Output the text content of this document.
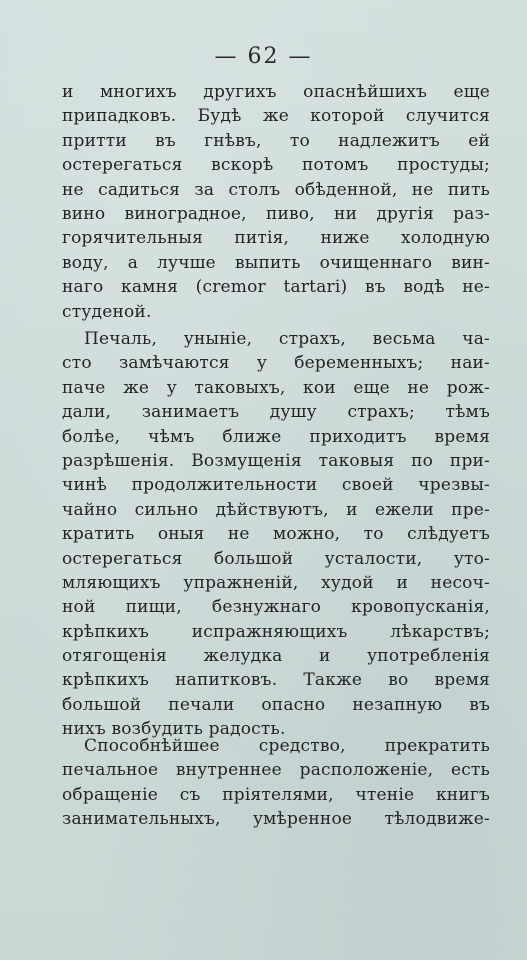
— 62 —
и многихъ другихъ опаснѣйшихъ еще
припадковъ. Будѣ же которой случится
притти въ гнѣвъ, то надлежитъ ей
остерегаться вскорѣ потомъ простуды;
не садиться за столъ обѣденной, не пить
вино виноградное, пиво, ни другія раз-
горячительныя питія, ниже холодную
воду, а лучше выпить очищеннаго вин-
наго камня (cremor tartari) въ водѣ не-
студеной.
Печаль, уныніе, страхъ, весьма ча-
сто замѣчаются у беременныхъ; наи-
паче же у таковыхъ, кои еще не рож-
дали, занимаетъ душу страхъ; тѣмъ
болѣе, чѣмъ ближе приходитъ время
разрѣшенія. Возмущенія таковыя по при-
чинѣ продолжительности своей чрезвы-
чайно сильно дѣйствуютъ, и ежели пре-
кратить оныя не можно, то слѣдуетъ
остерегаться большой усталости, уто-
мляющихъ упражненій, худой и несоч-
ной пищи, безнужнаго кровопусканія,
крѣпкихъ испражняющихъ лѣкарствъ;
отягощенія желудка и употребленія
крѣпкихъ напитковъ. Также во время
большой печали опасно незапную въ
нихъ возбудить радость.
Способнѣйшее средство, прекратить
печальное внутреннее расположеніе, есть
обращеніе съ пріятелями, чтеніе книгъ
занимательныхъ, умѣренное тѣлодвиже-
